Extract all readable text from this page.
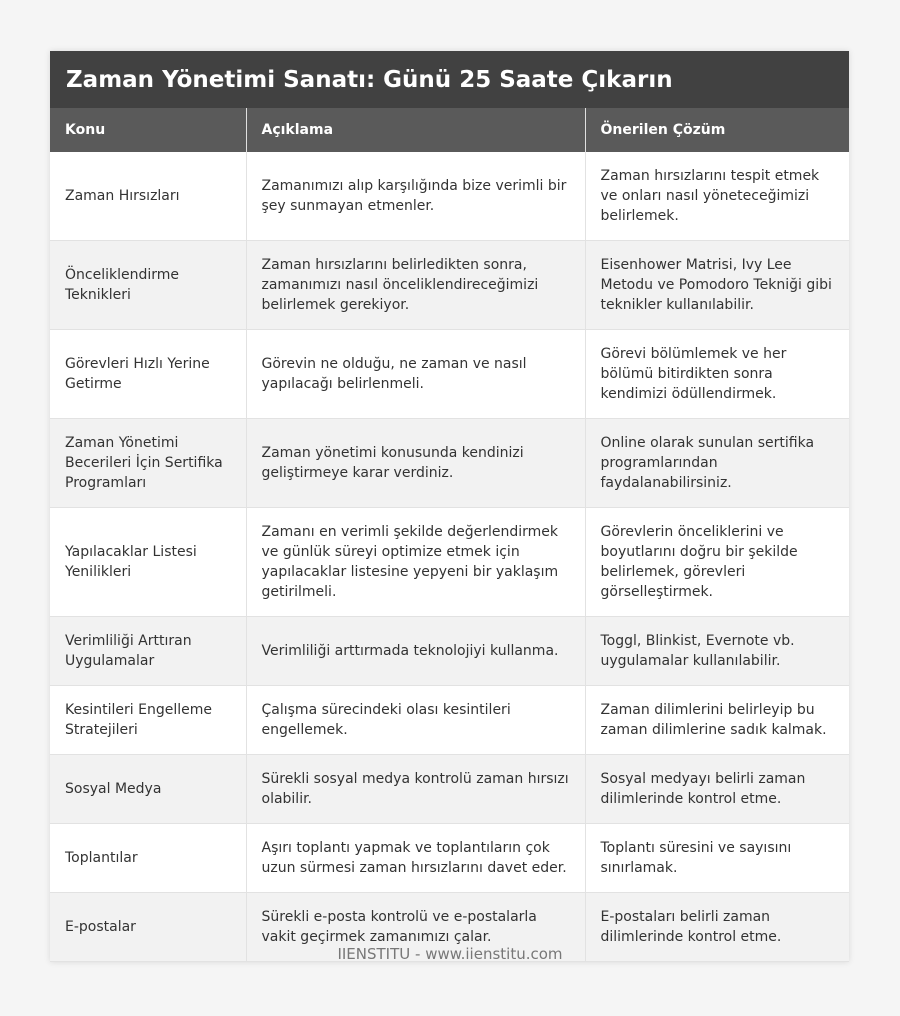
Zaman Yönetimi Sanatı: Günü 25 Saate Çıkarın
Konu	Açıklama	Önerilen Çözüm
Zaman Hırsızları	Zamanımızı alıp karşılığında bize verimli bir şey sunmayan etmenler.	Zaman hırsızlarını tespit etmek ve onları nasıl yöneteceğimizi belirlemek.
Önceliklendirme Teknikleri	Zaman hırsızlarını belirledikten sonra, zamanımızı nasıl önceliklendireceğimizi belirlemek gerekiyor.	Eisenhower Matrisi, Ivy Lee Metodu ve Pomodoro Tekniği gibi teknikler kullanılabilir.
Görevleri Hızlı Yerine Getirme	Görevin ne olduğu, ne zaman ve nasıl yapılacağı belirlenmeli.	Görevi bölümlemek ve her bölümü bitirdikten sonra kendimizi ödüllendirmek.
Zaman Yönetimi Becerileri İçin Sertifika Programları	Zaman yönetimi konusunda kendinizi geliştirmeye karar verdiniz.	Online olarak sunulan sertifika programlarından faydalanabilirsiniz.
Yapılacaklar Listesi Yenilikleri	Zamanı en verimli şekilde değerlendirmek ve günlük süreyi optimize etmek için yapılacaklar listesine yepyeni bir yaklaşım getirilmeli.	Görevlerin önceliklerini ve boyutlarını doğru bir şekilde belirlemek, görevleri görselleştirmek.
Verimliliği Arttıran Uygulamalar	Verimliliği arttırmada teknolojiyi kullanma.	Toggl, Blinkist, Evernote vb. uygulamalar kullanılabilir.
Kesintileri Engelleme Stratejileri	Çalışma sürecindeki olası kesintileri engellemek.	Zaman dilimlerini belirleyip bu zaman dilimlerine sadık kalmak.
Sosyal Medya	Sürekli sosyal medya kontrolü zaman hırsızı olabilir.	Sosyal medyayı belirli zaman dilimlerinde kontrol etme.
Toplantılar	Aşırı toplantı yapmak ve toplantıların çok uzun sürmesi zaman hırsızlarını davet eder.	Toplantı süresini ve sayısını sınırlamak.
E-postalar	Sürekli e-posta kontrolü ve e-postalarla vakit geçirmek zamanımızı çalar.	E-postaları belirli zaman dilimlerinde kontrol etme.
IIENSTITU - www.iienstitu.com
